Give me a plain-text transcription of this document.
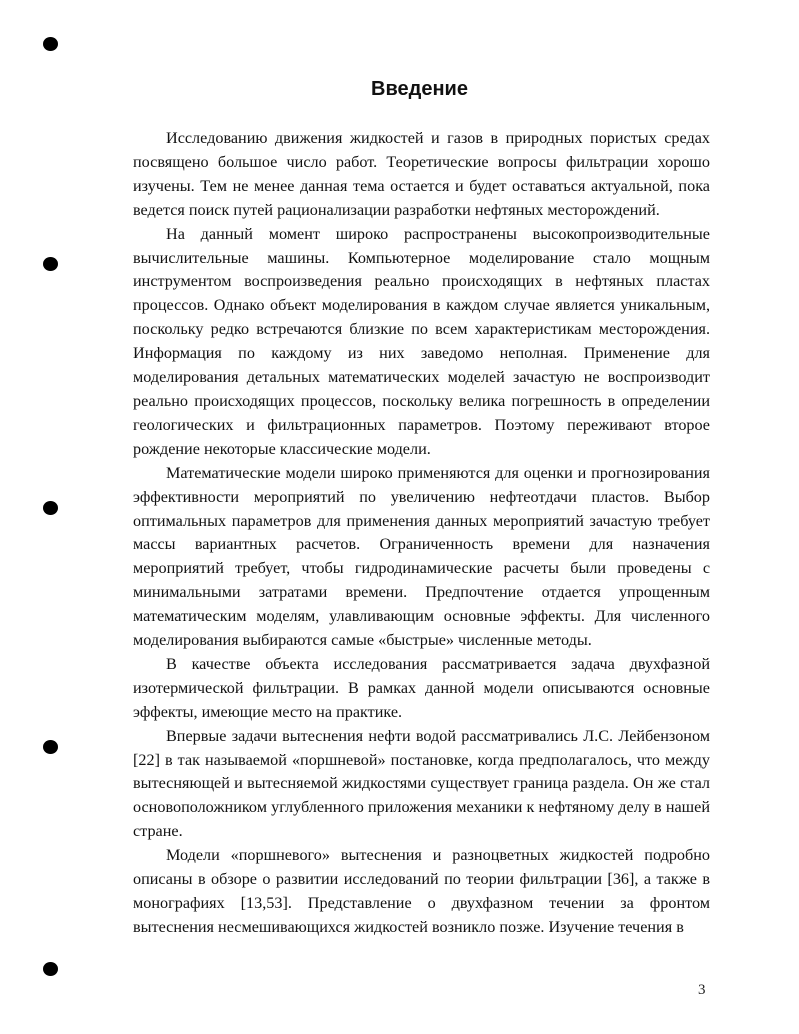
Введение

Исследованию движения жидкостей и газов в природных пористых средах посвящено большое число работ. Теоретические вопросы фильтрации хорошо изучены. Тем не менее данная тема остается и будет оставаться актуальной, пока ведется поиск путей рационализации разработки нефтяных месторождений.

На данный момент широко распространены высокопроизводительные вычислительные машины. Компьютерное моделирование стало мощным инструментом воспроизведения реально происходящих в нефтяных пластах процессов. Однако объект моделирования в каждом случае является уникальным, поскольку редко встречаются близкие по всем характеристикам месторождения. Информация по каждому из них заведомо неполная. Применение для моделирования детальных математических моделей зачастую не воспроизводит реально происходящих процессов, поскольку велика погрешность в определении геологических и фильтрационных параметров. Поэтому переживают второе рождение некоторые классические модели.

Математические модели широко применяются для оценки и прогнозирования эффективности мероприятий по увеличению нефтеотдачи пластов. Выбор оптимальных параметров для применения данных мероприятий зачастую требует массы вариантных расчетов. Ограниченность времени для назначения мероприятий требует, чтобы гидродинамические расчеты были проведены с минимальными затратами времени. Предпочтение отдается упрощенным математическим моделям, улавливающим основные эффекты. Для численного моделирования выбираются самые «быстрые» численные методы.

В качестве объекта исследования рассматривается задача двухфазной изотермической фильтрации. В рамках данной модели описываются основные эффекты, имеющие место на практике.

Впервые задачи вытеснения нефти водой рассматривались Л.С. Лейбензоном [22] в так называемой «поршневой» постановке, когда предполагалось, что между вытесняющей и вытесняемой жидкостями существует граница раздела. Он же стал основоположником углубленного приложения механики к нефтяному делу в нашей стране.

Модели «поршневого» вытеснения и разноцветных жидкостей подробно описаны в обзоре о развитии исследований по теории фильтрации [36], а также в монографиях [13,53]. Представление о двухфазном течении за фронтом вытеснения несмешивающихся жидкостей возникло позже. Изучение течения в

3
